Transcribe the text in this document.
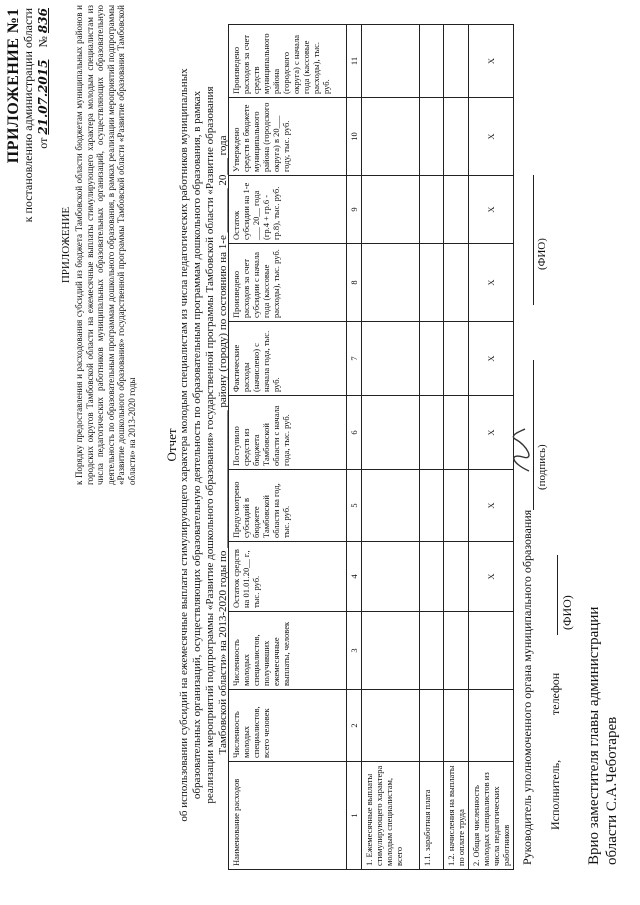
ПРИЛОЖЕНИЕ №1 к постановлению администрации области от 21.07.2015    № 836
ПРИЛОЖЕНИЕ к Порядку предоставления и расходования субсидий из бюджета Тамбовской области бюджетам муниципальных районов и городских округов Тамбовской области на ежемесячные выплаты стимулирующего характера молодым специалистам из числа педагогических работников муниципальных образовательных организаций, осуществляющих образовательную деятельность по образовательным программам дошкольного образования, в рамках реализации мероприятий подпрограммы «Развитие дошкольного образования» государственной программы Тамбовской области «Развитие образования Тамбовской области» на 2013-2020 годы Отчет об использовании субсидий на ежемесячные выплаты стимулирующего характера молодым специалистам из числа педагогических работников муниципальных образовательных организаций, осуществляющих образовательную деятельность по образовательным программам дошкольного образования, в рамках реализации мероприятий подпрограммы «Развитие дошкольного образования» государственной программы Тамбовской области «Развитие образования Тамбовской области» на 2013-2020 годы по _________________________ району (городу) по состоянию на 1-е ________ 20___ года
Наименование расходов	Численность молодых специалистов, всего человек	Численность молодых специалистов, получивших ежемесячные выплаты, человек	Остаток средств на 01.01.20__ г., тыс. руб.	Предусмотрено субсидий в бюджете Тамбовской области на год, тыс. руб.	Поступило средств из бюджета Тамбовской области с начала года, тыс. руб.	Фактические расходы (начислено) с начала года, тыс. руб.	Произведено расходов за счет субсидии с начала года (кассовые расходы), тыс. руб.	Остаток субсидии на 1-е ___ 20__ года (гр.4 + гр.6 - гр.8), тыс. руб.	Утверждено средств в бюджете муниципального района (городского округа) в 20___ году, тыс. руб.	Произведено расходов за счет средств муниципального района (городского округа) с начала года (кассовые расходы), тыс. руб.
1	2	3	4	5	6	7	8	9	10	11
1. Ежемесячные выплаты стимулирующего характера молодым специалистам, всего										
1.1. заработная плата										
1.2. начисления на выплаты по оплате труда										
2. Общая численность молодых специалистов из числа педагогических работников			X	X	X	X	X	X	X	X
Руководитель уполномоченного органа муниципального образования
(подпись)
(ФИО)
Исполнитель,
телефон
(ФИО) Врио заместителя главы администрации области С.А.Чеботарев
